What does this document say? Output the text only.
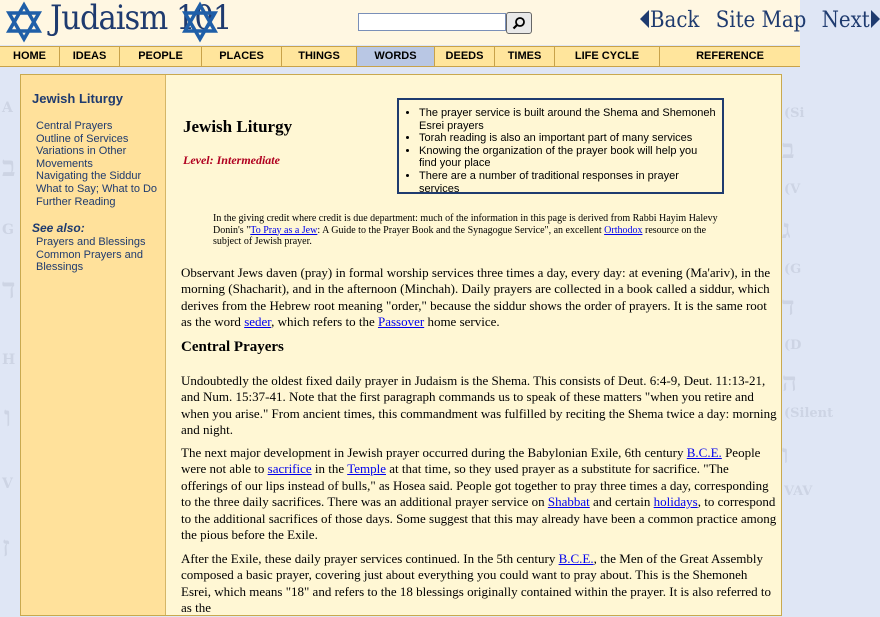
A
ב
G
ד
H
ו
V
ז
(Si
ב
(V
ג
(G
ד
(D
ה
(Silent
ו
VAV
Judaism 101	Back Site Map Next
HOME	IDEAS	PEOPLE	PLACES	THINGS	WORDS	DEEDS	TIMES	LIFE CYCLE	REFERENCE
Jewish Liturgy
Central Prayers
Outline of Services
Variations in Other Movements
Navigating the Siddur
What to Say; What to Do
Further Reading
See also:
Prayers and Blessings
Common Prayers and Blessings
Jewish Liturgy
Level: Intermediate
• The prayer service is built around the Shema and Shemoneh Esrei prayers
• Torah reading is also an important part of many services
• Knowing the organization of the prayer book will help you find your place
• There are a number of traditional responses in prayer services
In the giving credit where credit is due department: much of the information in this page is derived from Rabbi Hayim Halevy Donin's "To Pray as a Jew: A Guide to the Prayer Book and the Synagogue Service", an excellent Orthodox resource on the subject of Jewish prayer.
Observant Jews daven (pray) in formal worship services three times a day, every day: at evening (Ma'ariv), in the morning (Shacharit), and in the afternoon (Minchah). Daily prayers are collected in a book called a siddur, which derives from the Hebrew root meaning "order," because the siddur shows the order of prayers. It is the same root as the word seder, which refers to the Passover home service.
Central Prayers
Undoubtedly the oldest fixed daily prayer in Judaism is the Shema. This consists of Deut. 6:4-9, Deut. 11:13-21, and Num. 15:37-41. Note that the first paragraph commands us to speak of these matters "when you retire and when you arise." From ancient times, this commandment was fulfilled by reciting the Shema twice a day: morning and night.
The next major development in Jewish prayer occurred during the Babylonian Exile, 6th century B.C.E. People were not able to sacrifice in the Temple at that time, so they used prayer as a substitute for sacrifice. "The offerings of our lips instead of bulls," as Hosea said. People got together to pray three times a day, corresponding to the three daily sacrifices. There was an additional prayer service on Shabbat and certain holidays, to correspond to the additional sacrifices of those days. Some suggest that this may already have been a common practice among the pious before the Exile.
After the Exile, these daily prayer services continued. In the 5th century B.C.E., the Men of the Great Assembly composed a basic prayer, covering just about everything you could want to pray about. This is the Shemoneh Esrei, which means "18" and refers to the 18 blessings originally contained within the prayer. It is also referred to as the
